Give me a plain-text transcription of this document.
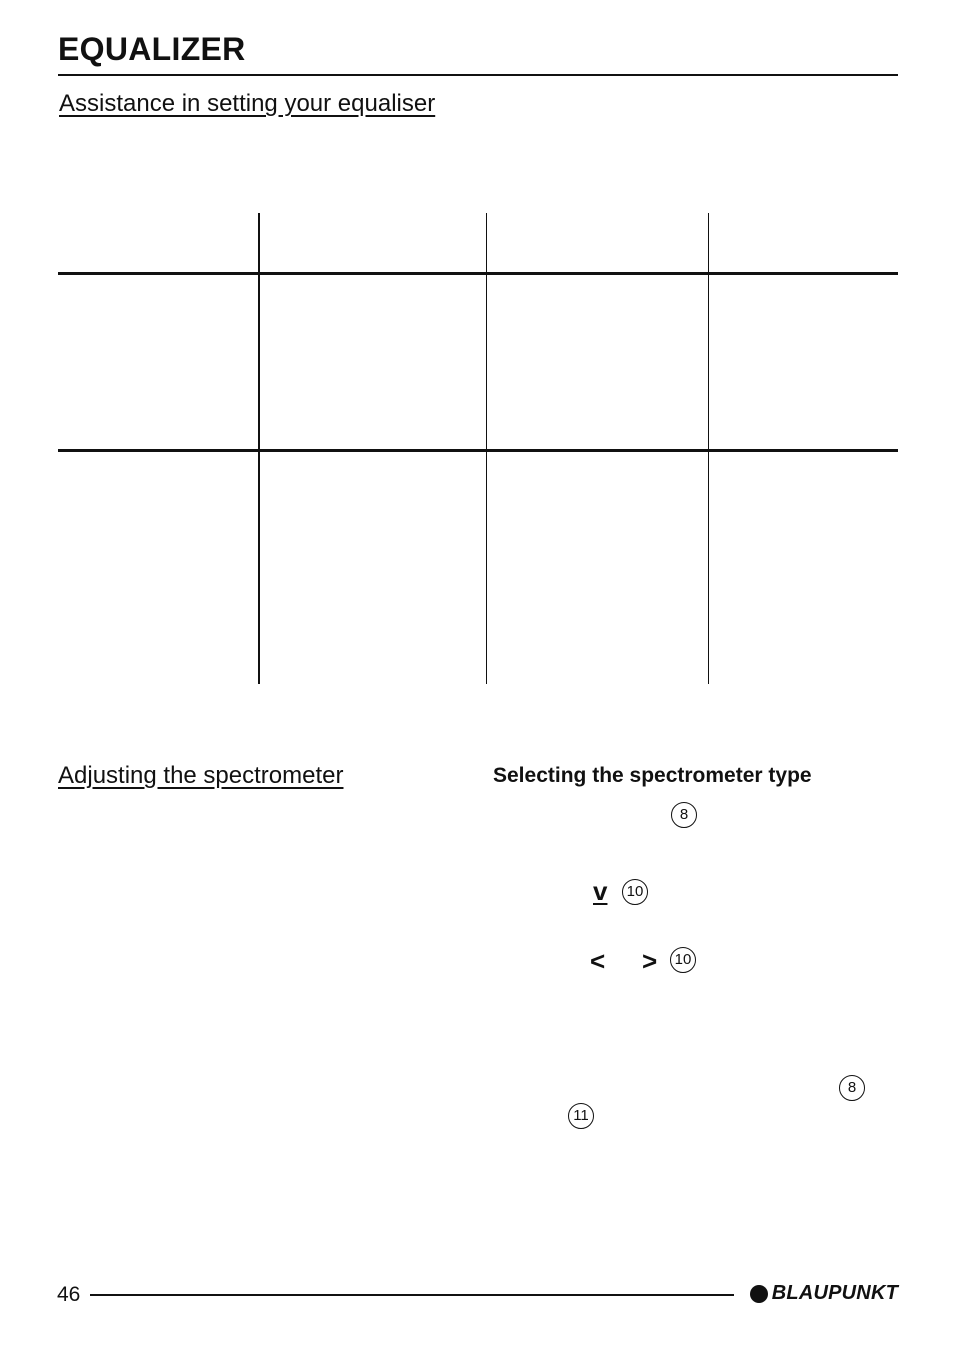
EQUALIZER
Assistance in setting your equaliser
Adjusting the spectrometer	Selecting the spectrometer type
8
v	10
< >	10
8
11
46	BLAUPUNKT
